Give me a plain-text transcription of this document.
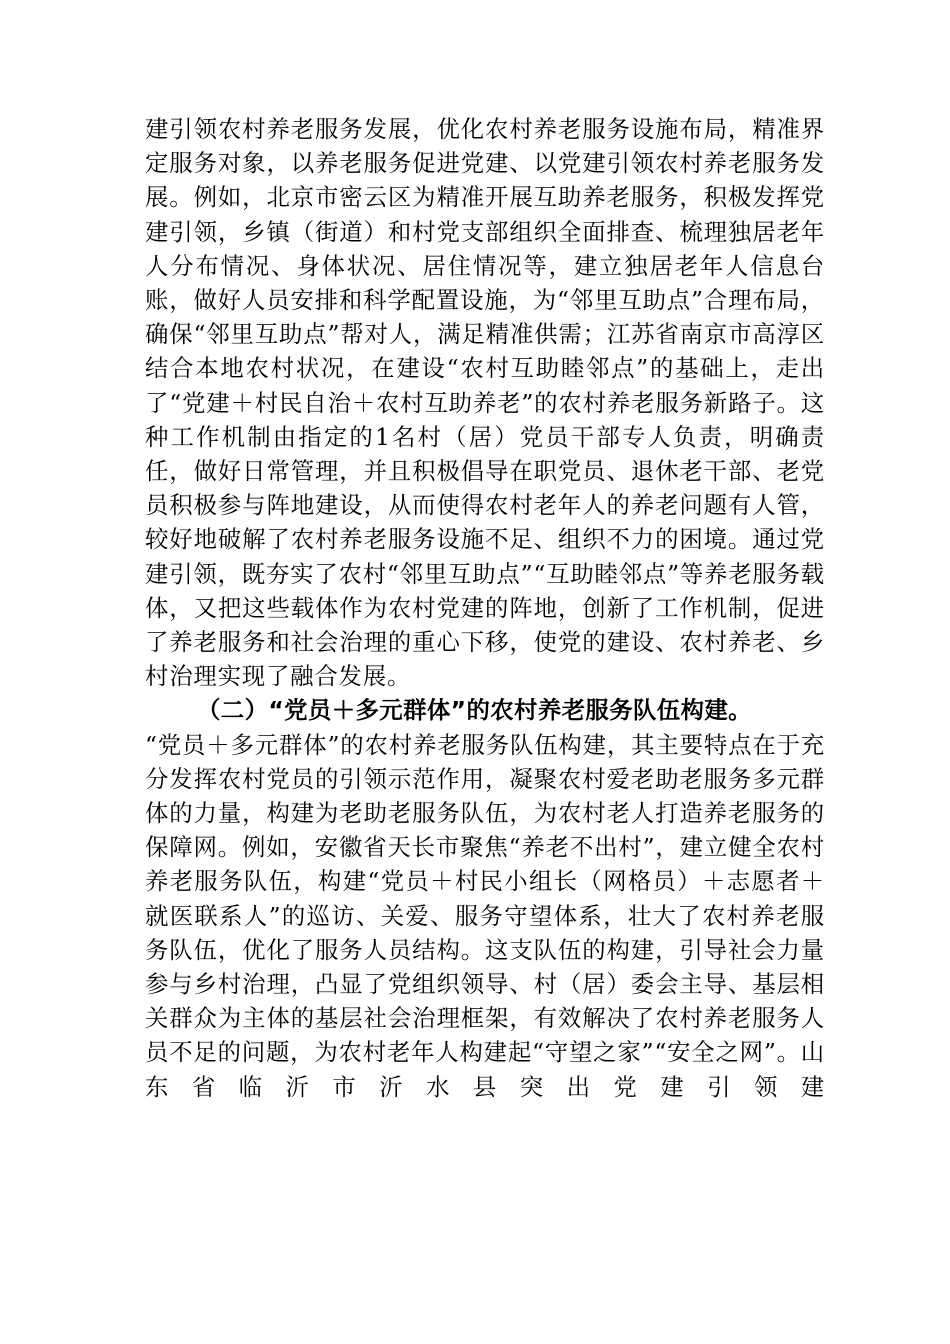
建引领农村养老服务发展，优化农村养老服务设施布局，精准界定服务对象，以养老服务促进党建、以党建引领农村养老服务发展。例如，北京市密云区为精准开展互助养老服务，积极发挥党建引领，乡镇（街道）和村党支部组织全面排查、梳理独居老年人分布情况、身体状况、居住情况等，建立独居老年人信息台账，做好人员安排和科学配置设施，为“邻里互助点”合理布局，确保“邻里互助点”帮对人，满足精准供需；江苏省南京市高淳区结合本地农村状况，在建设“农村互助睦邻点”的基础上，走出了“党建＋村民自治＋农村互助养老”的农村养老服务新路子。这种工作机制由指定的1名村（居）党员干部专人负责，明确责任，做好日常管理，并且积极倡导在职党员、退休老干部、老党员积极参与阵地建设，从而使得农村老年人的养老问题有人管，较好地破解了农村养老服务设施不足、组织不力的困境。通过党建引领，既夯实了农村“邻里互助点”“互助睦邻点”等养老服务载体，又把这些载体作为农村党建的阵地，创新了工作机制，促进了养老服务和社会治理的重心下移，使党的建设、农村养老、乡村治理实现了融合发展。

（二）“党员＋多元群体”的农村养老服务队伍构建。

“党员＋多元群体”的农村养老服务队伍构建，其主要特点在于充分发挥农村党员的引领示范作用，凝聚农村爱老助老服务多元群体的力量，构建为老助老服务队伍，为农村老人打造养老服务的保障网。例如，安徽省天长市聚焦“养老不出村”，建立健全农村养老服务队伍，构建“党员＋村民小组长（网格员）＋志愿者＋就医联系人”的巡访、关爱、服务守望体系，壮大了农村养老服务队伍，优化了服务人员结构。这支队伍的构建，引导社会力量参与乡村治理，凸显了党组织领导、村（居）委会主导、基层相关群众为主体的基层社会治理框架，有效解决了农村养老服务人员不足的问题，为农村老年人构建起“守望之家”“安全之网”。山东省临沂市沂水县突出党建引领建
